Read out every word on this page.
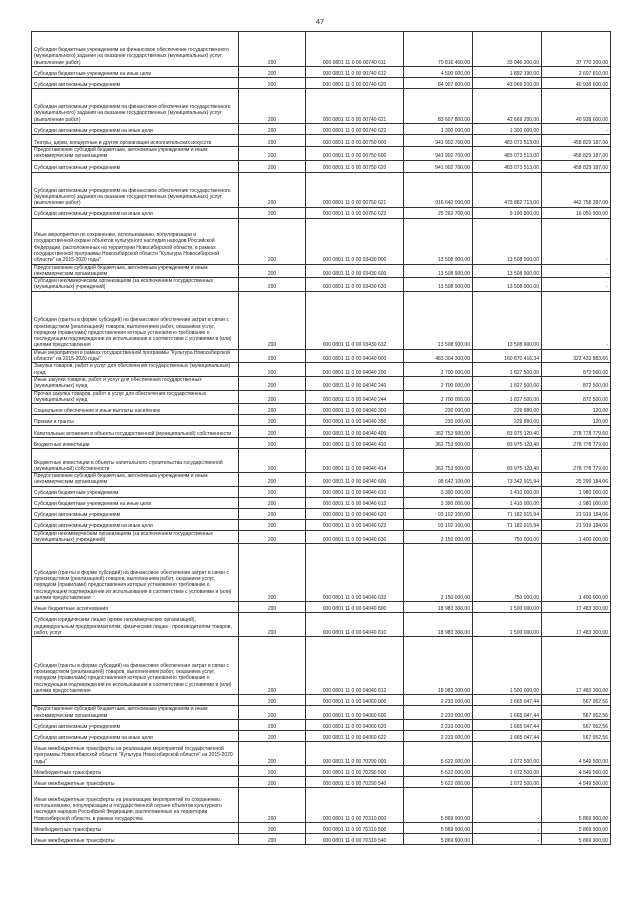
47
Субсидии бюджетным учреждениям на финансовое обеспечение государственного (муниципального) задания на оказание государственных (муниципальных) услуг (выполнение работ)	200	000 0801 11 0 00 00740 611	70 816 400,00	33 046 200,00	37 770 200,00
Субсидии бюджетным учреждениям на иные цели	200	000 0801 11 0 00 00740 612	4 500 000,00	1 892 190,00	2 607 810,00
Субсидии автономным учреждениям	200	000 0801 11 0 00 00740 620	84 907 800,00	43 969 200,00	40 938 600,00
Субсидии автономным учреждениям на финансовое обеспечение государственного (муниципального) задания на оказание государственных (муниципальных) услуг (выполнение работ)	200	000 0801 11 0 00 00740 621	83 607 800,00	42 669 200,00	40 938 600,00
Субсидии автономным учреждениям на иные цели	200	000 0801 11 0 00 00740 622	1 300 000,00	1 300 000,00	-
Театры, цирки, концертные и другие организации исполнительских искусств	200	000 0801 11 0 00 00750 000	941 902 700,00	483 073 513,00	458 829 187,00
Предоставление субсидий бюджетным, автономным учреждениям и иным некоммерческим организациям	200	000 0801 11 0 00 00750 600	941 902 700,00	483 073 513,00	458 829 187,00
Субсидии автономным учреждениям	200	000 0801 11 0 00 00750 620	941 902 700,00	483 073 513,00	458 829 187,00
Субсидии автономным учреждениям на финансовое обеспечение государственного (муниципального) задания на оказание государственных (муниципальных) услуг (выполнение работ)	200	000 0801 11 0 00 00750 621	916 640 000,00	473 882 713,00	442 758 287,00
Субсидии автономным учреждениям на иные цели	200	000 0801 11 0 00 00750 622	25 262 700,00	9 190 800,00	16 050 900,00
Иные мероприятия по сохранению, использованию, популяризации и государственной охране объектов культурного наследия народов Российской Федерации, расположенных на территории Новосибирской области, в рамках государственной программы Новосибирской области "Культура Новосибирской области" на 2015-2020 годы"	200	000 0801 11 0 00 03430 000	13 508 900,00	13 508 900,00	-
Предоставление субсидий бюджетным, автономным учреждениям и иным некоммерческим организациям	200	000 0801 11 0 00 03430 600	13 508 900,00	13 508 900,00	-
Субсидии некоммерческим организациям (за исключением государственных (муниципальных) учреждений)	200	000 0801 11 0 00 03430 630	13 508 900,00	13 508 900,00	-
Субсидии (гранты в форме субсидий) на финансовое обеспечение затрат в связи с производством (реализацией) товаров, выполнением работ, оказанием услуг, порядком (правилами) предоставления которых установлено требование о последующем подтверждении их использования в соответствии с условиями и (или) целями предоставления	200	000 0801 11 0 00 03430 632	13 508 900,00	13 508 900,00	-
Иные мероприятия в рамках государственной программы "Культура Новосибирской области" на 2015-2020 годы"	200	000 0801 11 0 00 04040 000	483 304 300,00	160 870 416,34	322 433 883,66
Закупка товаров, работ и услуг для обеспечения государственных (муниципальных) нужд	200	000 0801 11 0 00 04040 200	2 700 000,00	1 827 500,00	872 500,00
Иные закупки товаров, работ и услуг для обеспечения государственных (муниципальных) нужд	200	000 0801 11 0 00 04040 240	2 700 000,00	1 827 500,00	872 500,00
Прочая закупка товаров, работ и услуг для обеспечения государственных (муниципальных) нужд	200	000 0801 11 0 00 04040 244	2 700 000,00	1 827 500,00	872 500,00
Социальное обеспечение и иные выплаты населению	200	000 0801 11 0 00 04040 300	230 000,00	229 880,00	120,00
Премии и гранты	200	000 0801 11 0 00 04040 350	230 000,00	229 880,00	120,00
Капитальные вложения в объекты государственной (муниципальной) собственности	200	000 0801 11 0 00 04040 400	362 753 900,00	83 975 120,40	278 778 779,60
Бюджетные инвестиции	200	000 0801 11 0 00 04040 410	362 753 900,00	83 975 120,40	278 778 779,60
Бюджетные инвестиции в объекты капитального строительства государственной (муниципальной) собственности	200	000 0801 11 0 00 04040 414	362 753 900,00	83 975 120,40	278 778 779,60
Предоставление субсидий бюджетным, автономным учреждениям и иным некоммерческим организациям	200	000 0801 11 0 00 04040 600	98 642 100,00	73 342 915,94	25 299 184,06
Субсидии бюджетным учреждениям	200	000 0801 11 0 00 04040 610	3 390 000,00	1 410 000,00	1 980 000,00
Субсидии бюджетным учреждениям на иные цели	200	000 0801 11 0 00 04040 612	3 390 000,00	1 410 000,00	1 980 000,00
Субсидии автономным учреждениям	200	000 0801 11 0 00 04040 620	93 102 100,00	71 182 915,94	21 919 184,06
Субсидии автономным учреждениям на иные цели	200	000 0801 11 0 00 04040 622	93 102 100,00	71 182 915,94	21 919 184,06
Субсидии некоммерческим организациям (за исключением государственных (муниципальных) учреждений)	200	000 0801 11 0 00 04040 630	2 150 000,00	750 000,00	1 400 000,00
Субсидии (гранты в форме субсидий) на финансовое обеспечение затрат в связи с производством (реализацией) товаров, выполнением работ, оказанием услуг, порядком (правилами) предоставления которых установлено требование о последующем подтверждении их использования в соответствии с условиями и (или) целями предоставления	200	000 0801 11 0 00 04040 632	2 150 000,00	750 000,00	1 400 000,00
Иные бюджетные ассигнования	200	000 0801 11 0 00 04040 800	18 983 300,00	1 500 000,00	17 483 300,00
Субсидии юридическим лицам (кроме некоммерческих организаций), индивидуальным предпринимателям, физическим лицам - производителям товаров, работ, услуг	200	000 0801 11 0 00 04040 810	18 983 300,00	1 500 000,00	17 483 300,00
Субсидии (гранты в форме субсидий) на финансовое обеспечение затрат в связи с производством (реализацией) товаров, выполнением работ, оказанием услуг, порядком (правилами) предоставления которых установлено требование о последующем подтверждении их использования в соответствии с условиями и (или) целями предоставления	200	000 0801 11 0 00 04040 812	18 983 300,00	1 500 000,00	17 483 300,00
	200	000 0801 11 0 00 04060 000	2 233 000,00	1 665 047,44	567 952,56
Предоставление субсидий бюджетным, автономным учреждениям и иным некоммерческим организациям	200	000 0801 11 0 00 04060 600	2 233 000,00	1 665 047,44	567 952,56
Субсидии автономным учреждениям	200	000 0801 11 0 00 04060 620	2 233 000,00	1 665 047,44	567 952,56
Субсидии автономным учреждениям на иные цели	200	000 0801 11 0 00 04060 622	2 233 000,00	1 665 047,44	567 952,56
Иные межбюджетные трансферты на реализацию мероприятий государственной программы Новосибирской области "Культура Новосибирской области" на 2015-2020 годы"	200	000 0801 11 0 00 70290 000	5 622 000,00	1 072 500,00	4 549 500,00
Межбюджетные трансферты	200	000 0801 11 0 00 70290 500	5 622 000,00	1 072 500,00	4 549 500,00
Иные межбюджетные трансферты	200	000 0801 11 0 00 70290 540	5 622 000,00	1 072 500,00	4 549 500,00
Иные межбюджетные трансферты на реализацию мероприятий по сохранению, использованию, популяризации и государственной охране объектов культурного наследия народов Российской Федерации, расположенных на территории Новосибирской области, в рамках государства	200	000 0801 11 0 00 70310 000	5 869 900,00	-	5 869 900,00
Межбюджетные трансферты	200	000 0801 11 0 00 70310 500	5 869 900,00	-	5 869 900,00
Иные межбюджетные трансферты	200	000 0801 11 0 00 70310 540	5 869 900,00	-	5 869 900,00
